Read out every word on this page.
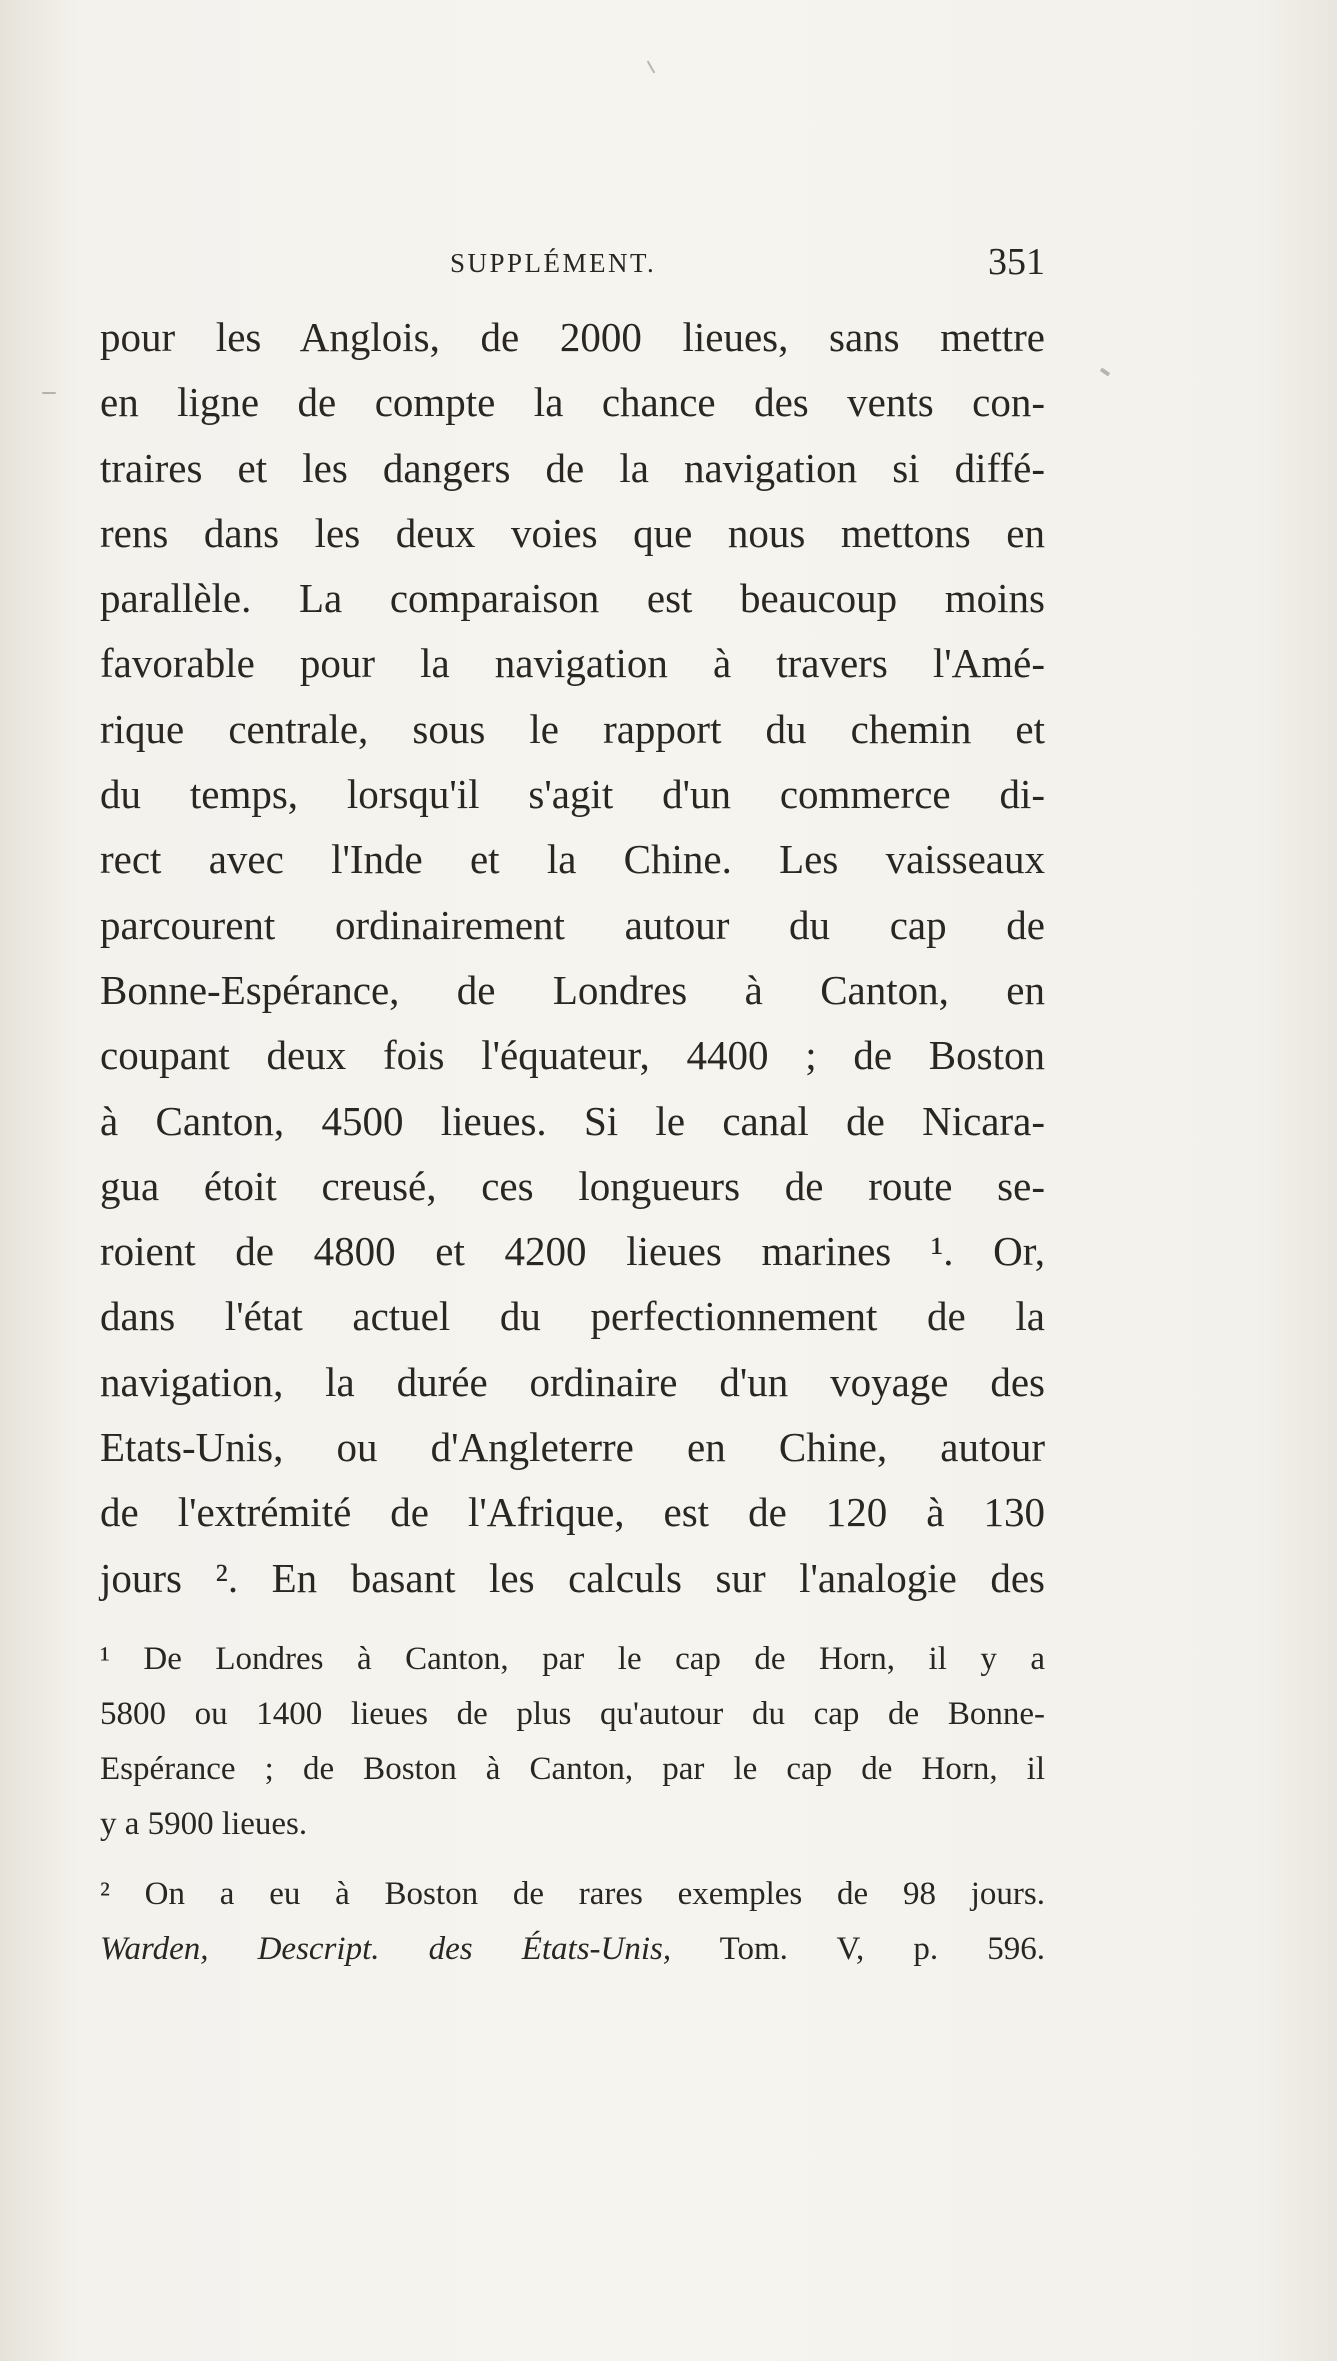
SUPPLÉMENT.	351
pour les Anglois, de 2000 lieues, sans mettre
en ligne de compte la chance des vents con-
traires et les dangers de la navigation si diffé-
rens dans les deux voies que nous mettons en
parallèle. La comparaison est beaucoup moins
favorable pour la navigation à travers l'Amé-
rique centrale, sous le rapport du chemin et
du temps, lorsqu'il s'agit d'un commerce di-
rect avec l'Inde et la Chine. Les vaisseaux
parcourent ordinairement autour du cap de
Bonne-Espérance, de Londres à Canton, en
coupant deux fois l'équateur, 4400 ; de Boston
à Canton, 4500 lieues. Si le canal de Nicara-
gua étoit creusé, ces longueurs de route se-
roient de 4800 et 4200 lieues marines ¹. Or,
dans l'état actuel du perfectionnement de la
navigation, la durée ordinaire d'un voyage des
Etats-Unis, ou d'Angleterre en Chine, autour
de l'extrémité de l'Afrique, est de 120 à 130
jours ². En basant les calculs sur l'analogie des
¹ De Londres à Canton, par le cap de Horn, il y a
5800 ou 1400 lieues de plus qu'autour du cap de Bonne-
Espérance ; de Boston à Canton, par le cap de Horn, il
y a 5900 lieues.
² On a eu à Boston de rares exemples de 98 jours.
Warden, Descript. des États-Unis, Tom. V, p. 596.
